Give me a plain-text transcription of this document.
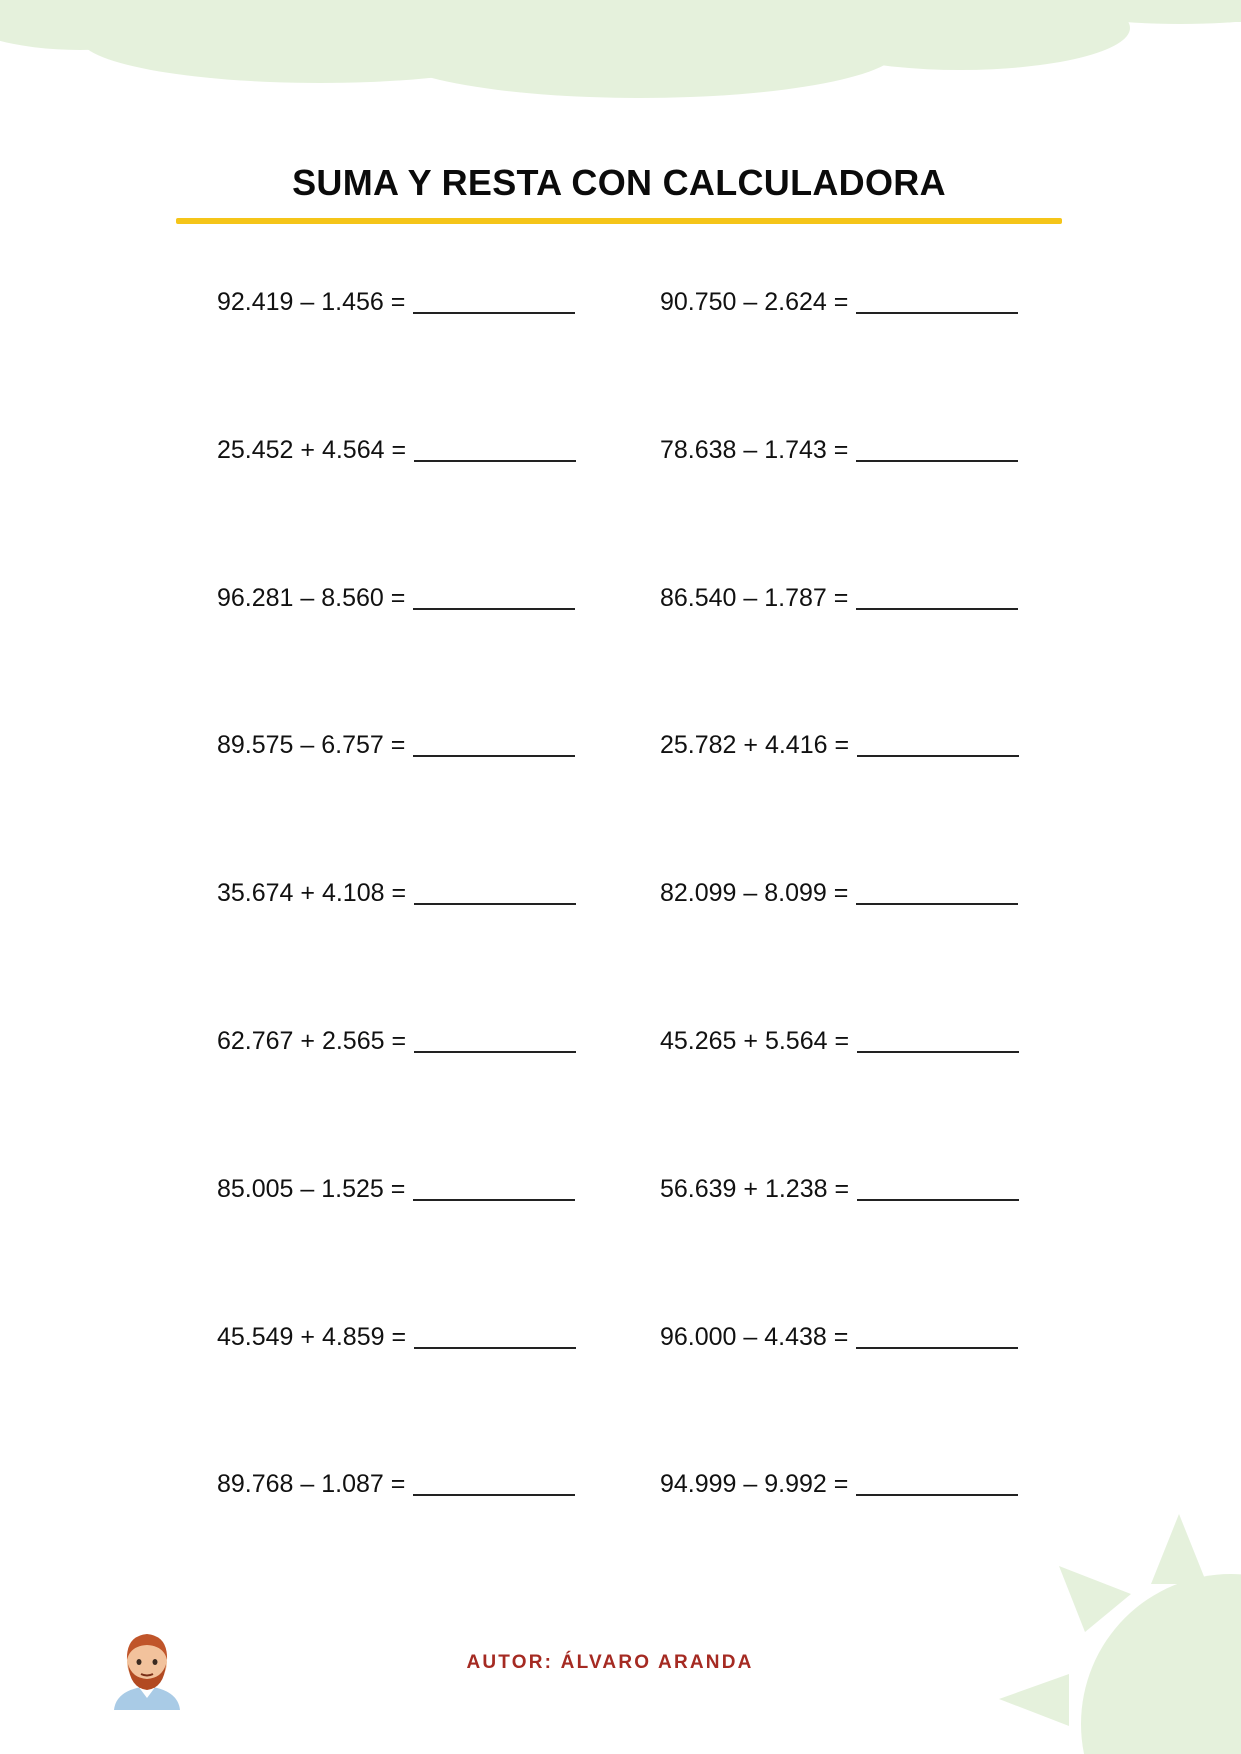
SUMA Y RESTA CON CALCULADORA
92.419 – 1.456 =	90.750 – 2.624 =
25.452 + 4.564 =	78.638 – 1.743 =
96.281 – 8.560 =	86.540 – 1.787 =
89.575 – 6.757 =	25.782 + 4.416 =
35.674 + 4.108 =	82.099 – 8.099 =
62.767 + 2.565 =	45.265 + 5.564 =
85.005 – 1.525 =	56.639 + 1.238 =
45.549 + 4.859 =	96.000 – 4.438 =
89.768 – 1.087 =	94.999 – 9.992 =
AUTOR: ÁLVARO ARANDA
